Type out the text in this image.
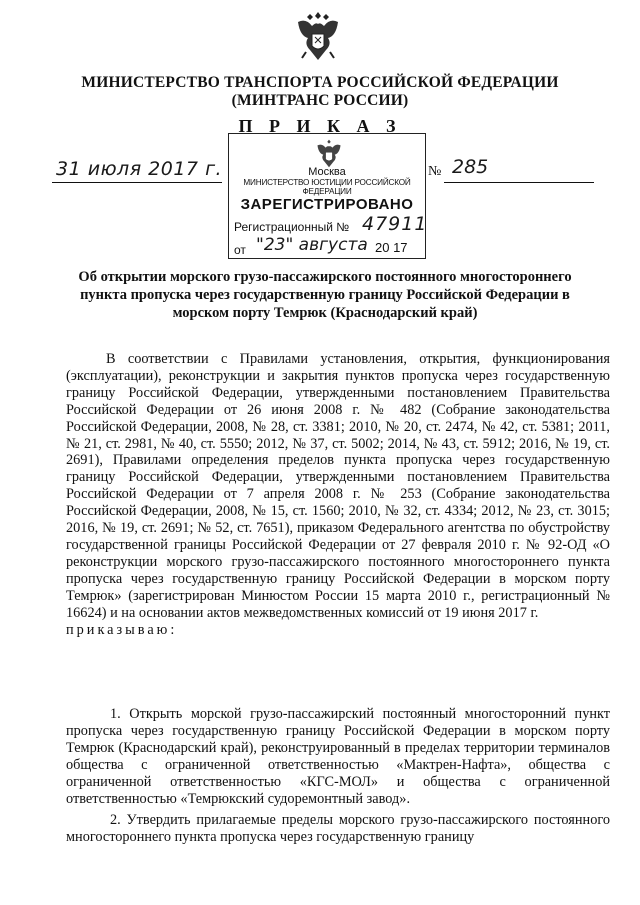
МИНИСТЕРСТВО ТРАНСПОРТА РОССИЙСКОЙ ФЕДЕРАЦИИ
(МИНТРАНС РОССИИ)
П Р И К А З
31 июля 2017 г.	№ 285
Москва
МИНИСТЕРСТВО ЮСТИЦИИ РОССИЙСКОЙ ФЕДЕРАЦИИ
ЗАРЕГИСТРИРОВАНО
Регистрационный № 47911
от "23" августа 20 17
Об открытии морского грузо-пассажирского постоянного многостороннего пункта пропуска через государственную границу Российской Федерации в морском порту Темрюк (Краснодарский край)
В соответствии с Правилами установления, открытия, функционирования (эксплуатации), реконструкции и закрытия пунктов пропуска через государственную границу Российской Федерации, утвержденными постановлением Правительства Российской Федерации от 26 июня 2008 г. № 482 (Собрание законодательства Российской Федерации, 2008, № 28, ст. 3381; 2010, № 20, ст. 2474, № 42, ст. 5381; 2011, № 21, ст. 2981, № 40, ст. 5550; 2012, № 37, ст. 5002; 2014, № 43, ст. 5912; 2016, № 19, ст. 2691), Правилами определения пределов пункта пропуска через государственную границу Российской Федерации, утвержденными постановлением Правительства Российской Федерации от 7 апреля 2008 г. № 253 (Собрание законодательства Российской Федерации, 2008, № 15, ст. 1560; 2010, № 32, ст. 4334; 2012, № 23, ст. 3015; 2016, № 19, ст. 2691; № 52, ст. 7651), приказом Федерального агентства по обустройству государственной границы Российской Федерации от 27 февраля 2010 г. № 92-ОД «О реконструкции морского грузо-пассажирского постоянного многостороннего пункта пропуска через государственную границу Российской Федерации в морском порту Темрюк» (зарегистрирован Минюстом России 15 марта 2010 г., регистрационный № 16624) и на основании актов межведомственных комиссий от 19 июня 2017 г.
приказываю:
1. Открыть морской грузо-пассажирский постоянный многосторонний пункт пропуска через государственную границу Российской Федерации в морском порту Темрюк (Краснодарский край), реконструированный в пределах территории терминалов общества с ограниченной ответственностью «Мактрен-Нафта», общества с ограниченной ответственностью «КГС-МОЛ» и общества с ограниченной ответственностью «Темрюкский судоремонтный завод».
2. Утвердить прилагаемые пределы морского грузо-пассажирского постоянного многостороннего пункта пропуска через государственную границу
